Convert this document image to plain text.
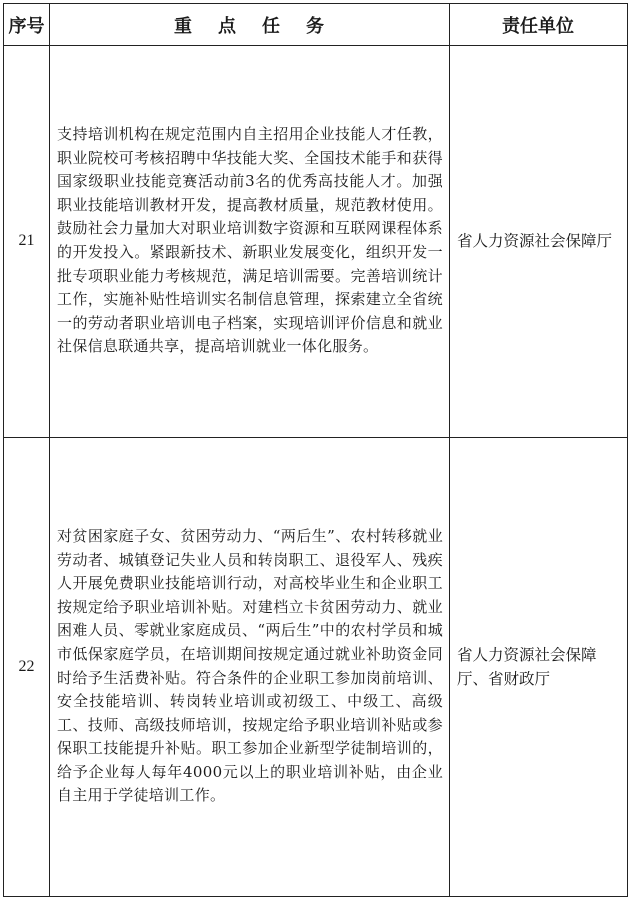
序号	重点任务	责任单位
21
支持培训机构在规定范围内自主招用企业技能人才任教，职业院校可考核招聘中华技能大奖、全国技术能手和获得国家级职业技能竞赛活动前3名的优秀高技能人才。加强职业技能培训教材开发，提高教材质量，规范教材使用。鼓励社会力量加大对职业培训数字资源和互联网课程体系的开发投入。紧跟新技术、新职业发展变化，组织开发一批专项职业能力考核规范，满足培训需要。完善培训统计工作，实施补贴性培训实名制信息管理，探索建立全省统一的劳动者职业培训电子档案，实现培训评价信息和就业社保信息联通共享，提高培训就业一体化服务。
省人力资源社会保障厅
22
对贫困家庭子女、贫困劳动力、“两后生”、农村转移就业劳动者、城镇登记失业人员和转岗职工、退役军人、残疾人开展免费职业技能培训行动，对高校毕业生和企业职工按规定给予职业培训补贴。对建档立卡贫困劳动力、就业困难人员、零就业家庭成员、“两后生”中的农村学员和城市低保家庭学员，在培训期间按规定通过就业补助资金同时给予生活费补贴。符合条件的企业职工参加岗前培训、安全技能培训、转岗转业培训或初级工、中级工、高级工、技师、高级技师培训，按规定给予职业培训补贴或参保职工技能提升补贴。职工参加企业新型学徒制培训的，给予企业每人每年4000元以上的职业培训补贴，由企业自主用于学徒培训工作。
省人力资源社会保障厅、省财政厅
